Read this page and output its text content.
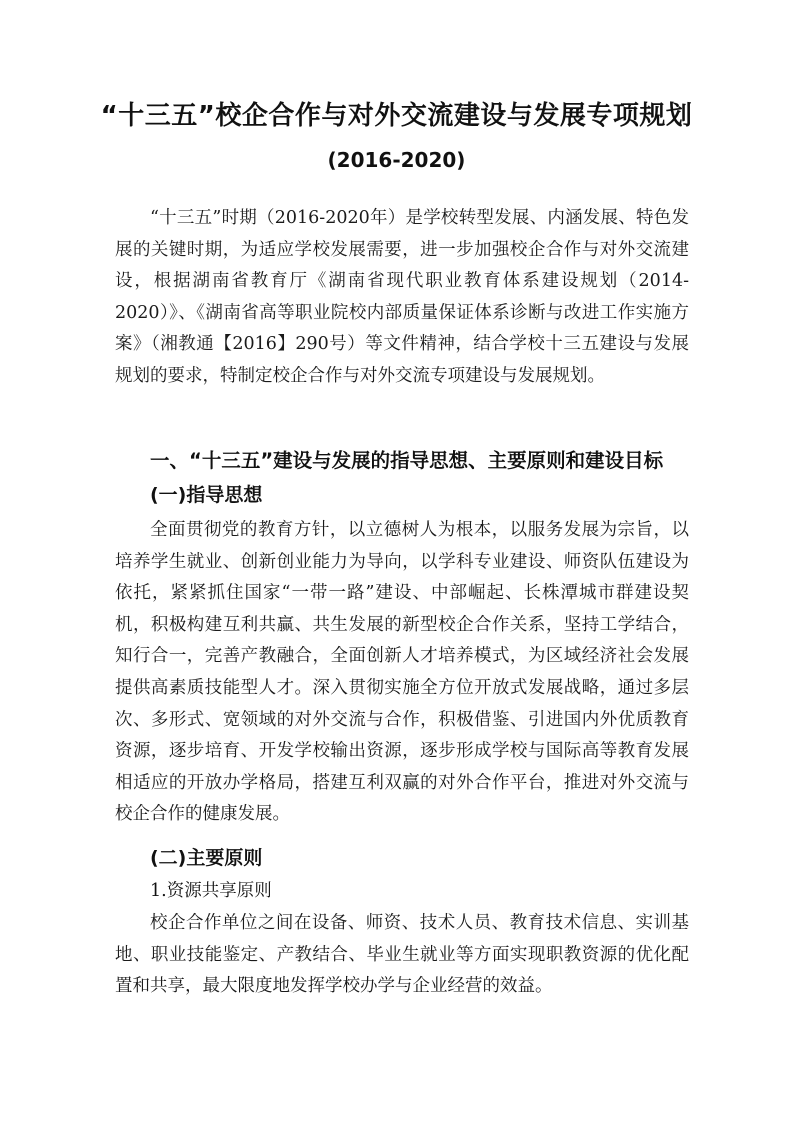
“十三五”校企合作与对外交流建设与发展专项规划
(2016-2020)
“十三五”时期（2016-2020年）是学校转型发展、内涵发展、特色发展的关键时期，为适应学校发展需要，进一步加强校企合作与对外交流建设，根据湖南省教育厅《湖南省现代职业教育体系建设规划（2014-2020）》、《湖南省高等职业院校内部质量保证体系诊断与改进工作实施方案》（湘教通【2016】290号）等文件精神，结合学校十三五建设与发展规划的要求，特制定校企合作与对外交流专项建设与发展规划。
一、“十三五”建设与发展的指导思想、主要原则和建设目标
(一)指导思想
全面贯彻党的教育方针，以立德树人为根本，以服务发展为宗旨，以培养学生就业、创新创业能力为导向，以学科专业建设、师资队伍建设为依托，紧紧抓住国家“一带一路”建设、中部崛起、长株潭城市群建设契机，积极构建互利共赢、共生发展的新型校企合作关系，坚持工学结合，知行合一，完善产教融合，全面创新人才培养模式，为区域经济社会发展提供高素质技能型人才。深入贯彻实施全方位开放式发展战略，通过多层次、多形式、宽领域的对外交流与合作，积极借鉴、引进国内外优质教育资源，逐步培育、开发学校输出资源，逐步形成学校与国际高等教育发展相适应的开放办学格局，搭建互利双赢的对外合作平台，推进对外交流与校企合作的健康发展。
(二)主要原则
1.资源共享原则
校企合作单位之间在设备、师资、技术人员、教育技术信息、实训基地、职业技能鉴定、产教结合、毕业生就业等方面实现职教资源的优化配置和共享，最大限度地发挥学校办学与企业经营的效益。
